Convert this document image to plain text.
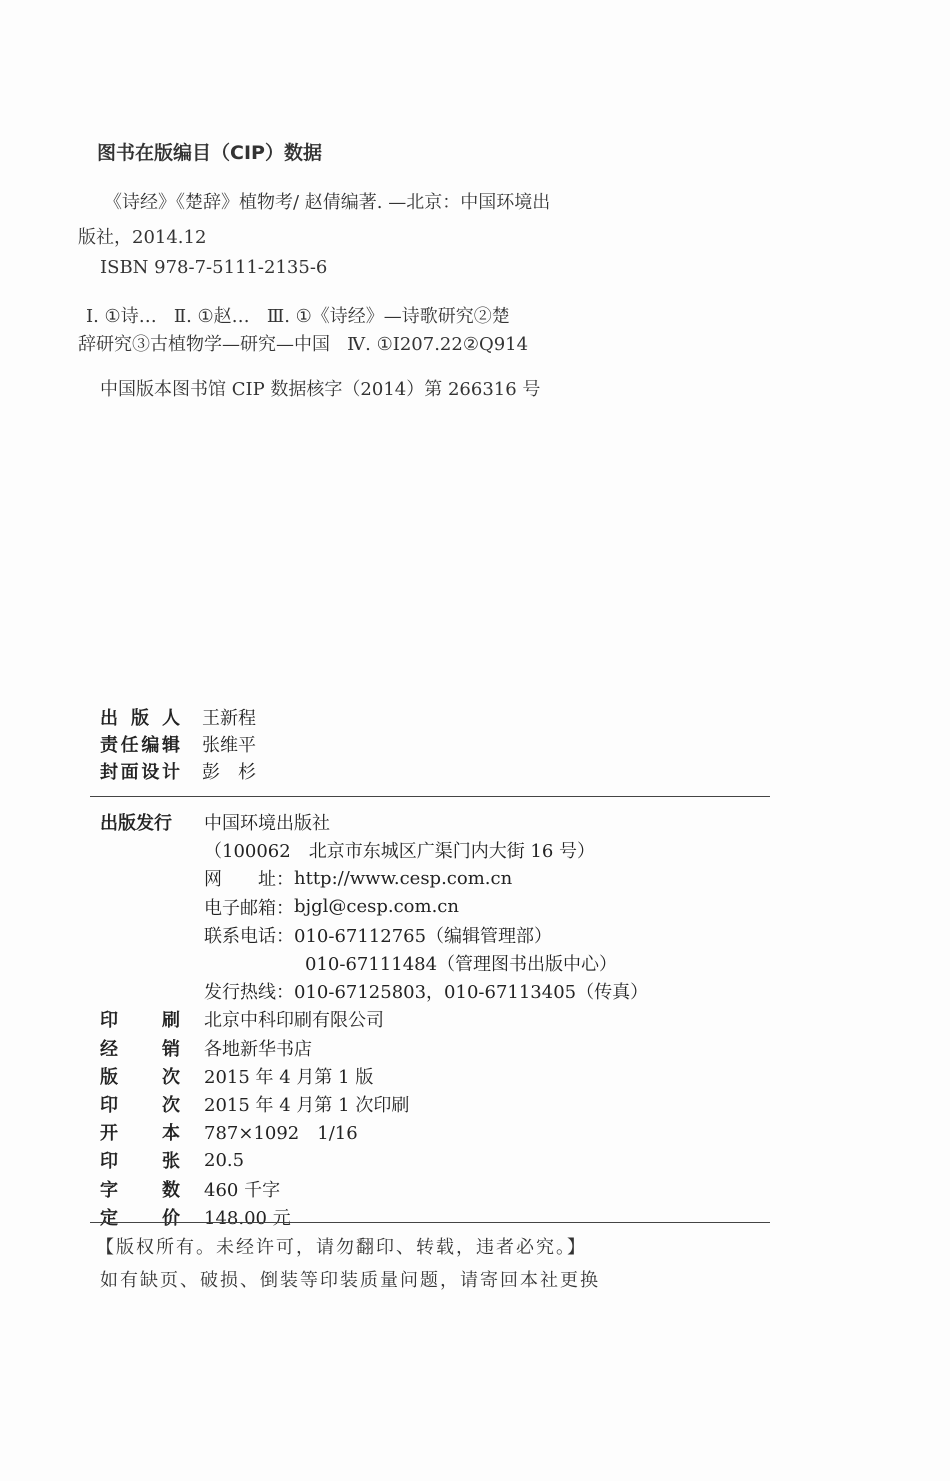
图书在版编目（CIP）数据
《诗经》《楚辞》植物考/ 赵倩编著. —北京：中国环境出
版社，2014.12
ISBN 978-7-5111-2135-6
Ⅰ. ①诗…   Ⅱ. ①赵…   Ⅲ. ①《诗经》—诗歌研究②楚
辞研究③古植物学—研究—中国   Ⅳ. ①I207.22②Q914
中国版本图书馆 CIP 数据核字（2014）第 266316 号
出 版 人 王新程
责 任 编 辑 张维平
封 面 设 计 彭　杉
出版发行	中国环境出版社
（100062　北京市东城区广渠门内大街 16 号）
网　　址： http://www.cesp.com.cn
电子邮箱： bjgl@cesp.com.cn
联系电话： 010-67112765（编辑管理部）
010-67111484（管理图书出版中心）
发行热线： 010-67125803，010-67113405（传真）
印 刷 北京中科印刷有限公司
经 销 各地新华书店
版 次 2015 年 4 月第 1 版
印 次 2015 年 4 月第 1 次印刷
开 本 787×1092　1/16
印 张 20.5
字 数 460 千字
定 价 148.00 元
【版权所有。未经许可，请勿翻印、转载，违者必究。】
如有缺页、破损、倒装等印装质量问题，请寄回本社更换
